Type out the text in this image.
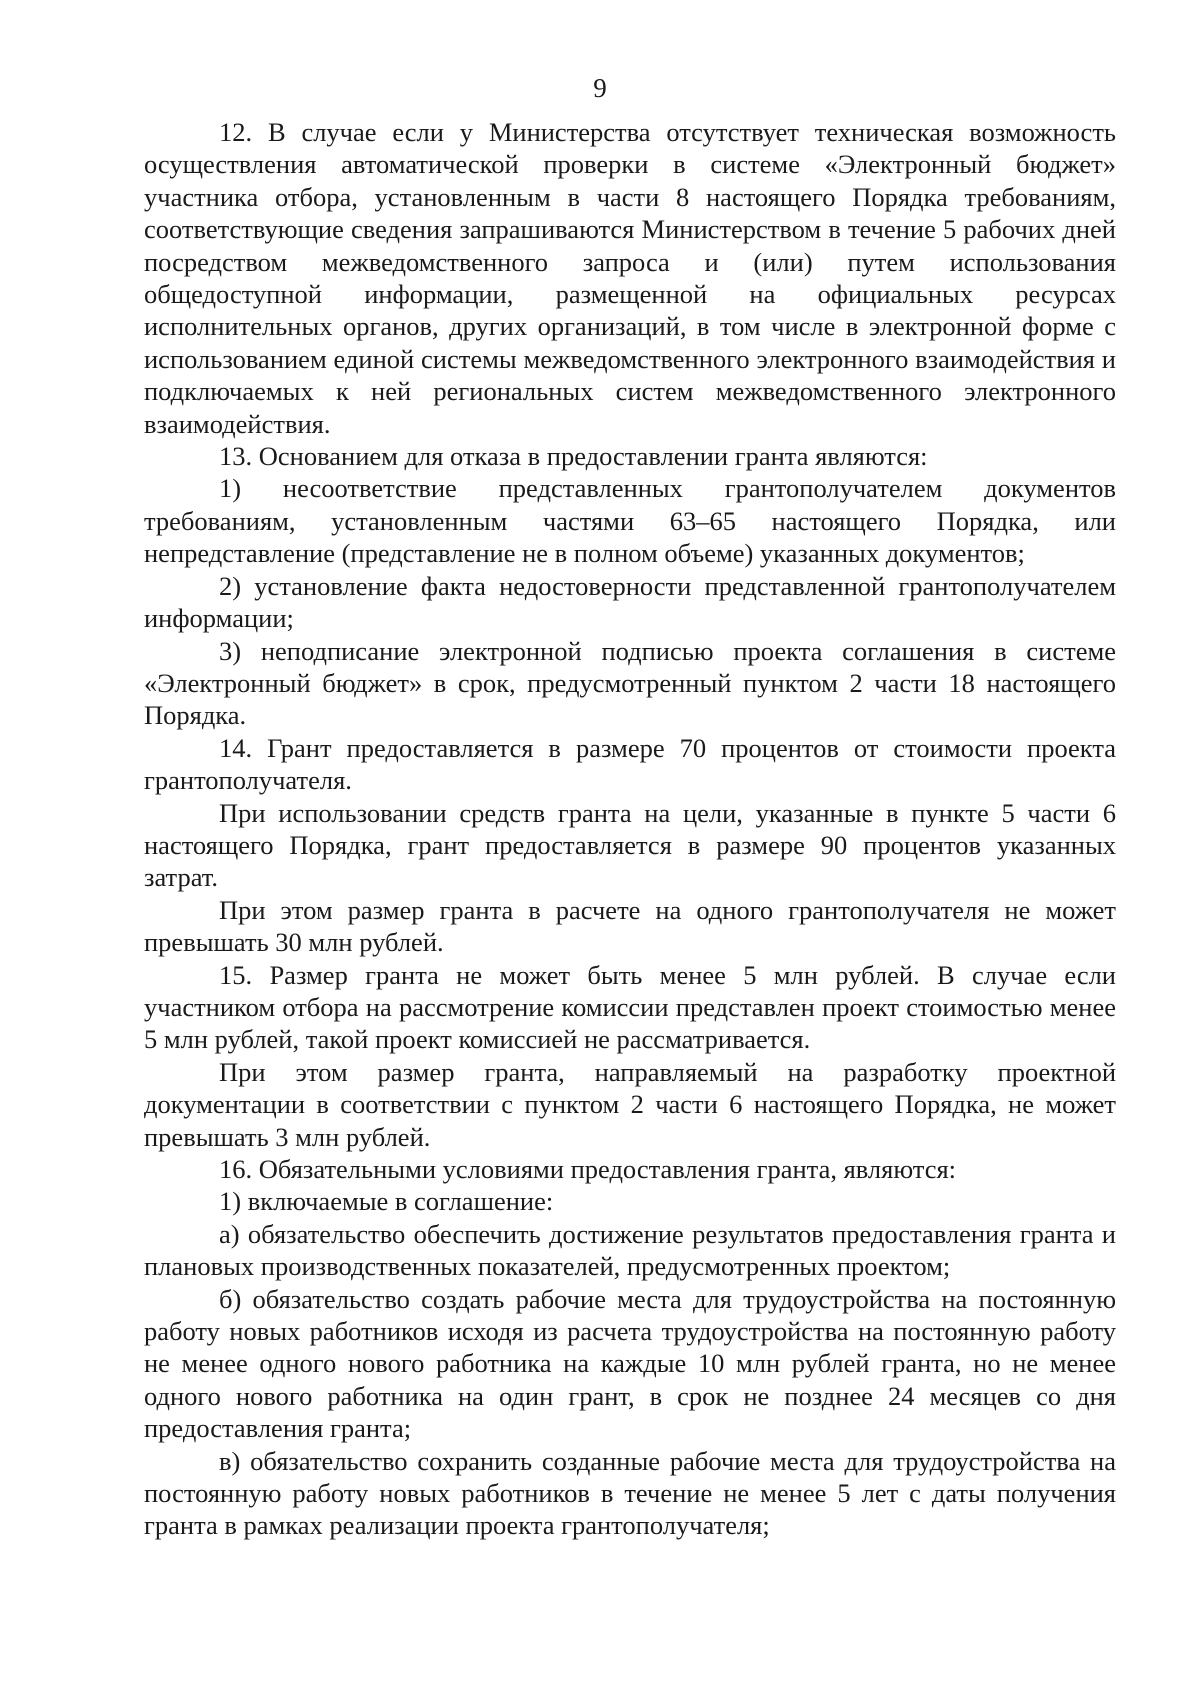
9

12. В случае если у Министерства отсутствует техническая возможность осуществления автоматической проверки в системе «Электронный бюджет» участника отбора, установленным в части 8 настоящего Порядка требованиям, соответствующие сведения запрашиваются Министерством в течение 5 рабочих дней посредством межведомственного запроса и (или) путем использования общедоступной информации, размещенной на официальных ресурсах исполнительных органов, других организаций, в том числе в электронной форме с использованием единой системы межведомственного электронного взаимодействия и подключаемых к ней региональных систем межведомственного электронного взаимодействия.

13. Основанием для отказа в предоставлении гранта являются:

1) несоответствие представленных грантополучателем документов требованиям, установленным частями 63–65 настоящего Порядка, или непредставление (представление не в полном объеме) указанных документов;

2) установление факта недостоверности представленной грантополучателем информации;

3) неподписание электронной подписью проекта соглашения в системе «Электронный бюджет» в срок, предусмотренный пунктом 2 части 18 настоящего Порядка.

14. Грант предоставляется в размере 70 процентов от стоимости проекта грантополучателя.

При использовании средств гранта на цели, указанные в пункте 5 части 6 настоящего Порядка, грант предоставляется в размере 90 процентов указанных затрат.

При этом размер гранта в расчете на одного грантополучателя не может превышать 30 млн рублей.

15. Размер гранта не может быть менее 5 млн рублей. В случае если участником отбора на рассмотрение комиссии представлен проект стоимостью менее 5 млн рублей, такой проект комиссией не рассматривается.

При этом размер гранта, направляемый на разработку проектной документации в соответствии с пунктом 2 части 6 настоящего Порядка, не может превышать 3 млн рублей.

16. Обязательными условиями предоставления гранта, являются:

1) включаемые в соглашение:

а) обязательство обеспечить достижение результатов предоставления гранта и плановых производственных показателей, предусмотренных проектом;

б) обязательство создать рабочие места для трудоустройства на постоянную работу новых работников исходя из расчета трудоустройства на постоянную работу не менее одного нового работника на каждые 10 млн рублей гранта, но не менее одного нового работника на один грант, в срок не позднее 24 месяцев со дня предоставления гранта;

в) обязательство сохранить созданные рабочие места для трудоустройства на постоянную работу новых работников в течение не менее 5 лет с даты получения гранта в рамках реализации проекта грантополучателя;
